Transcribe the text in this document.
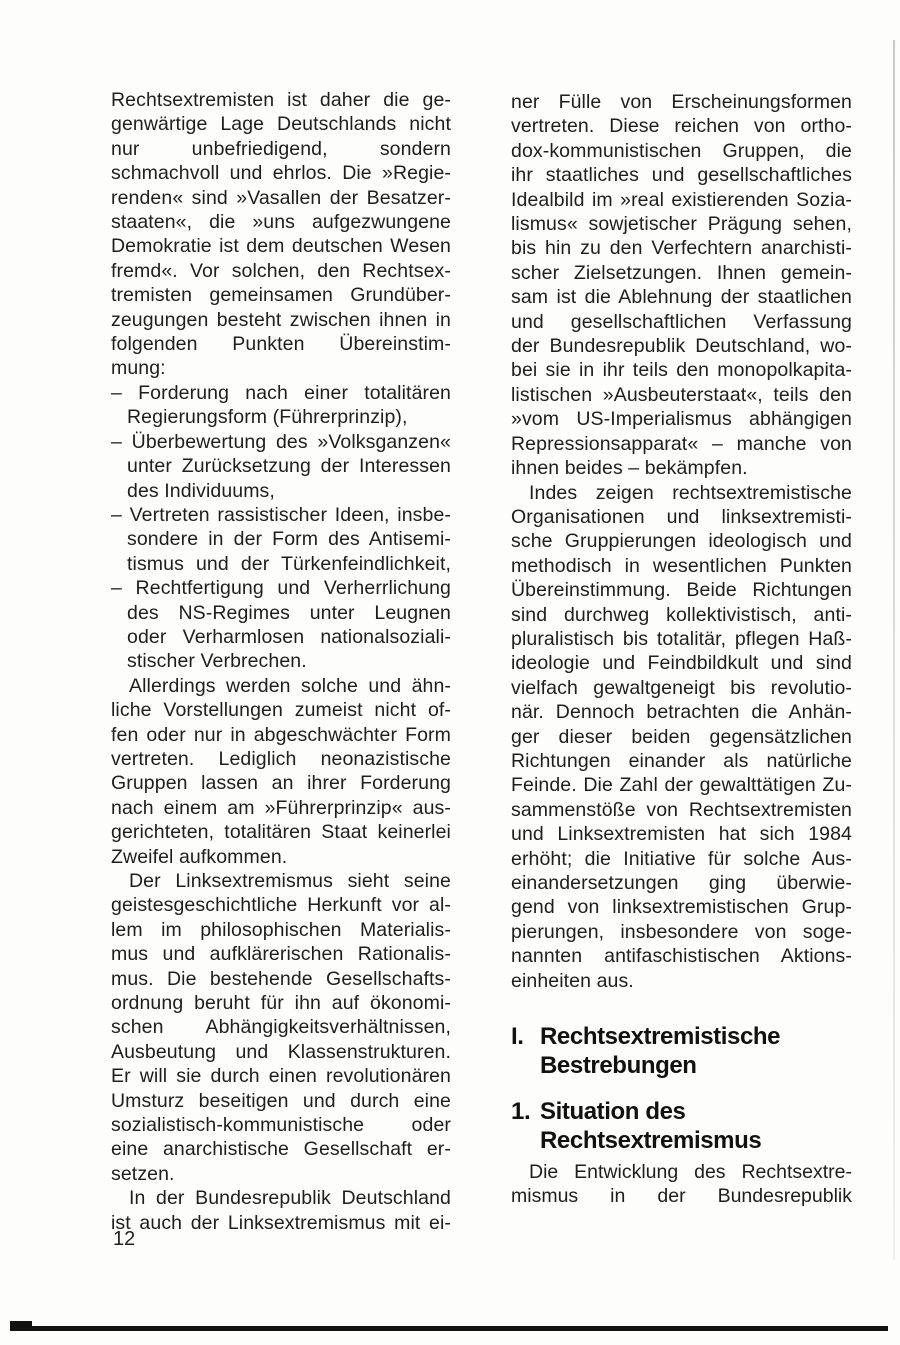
Rechtsextremisten ist daher die ge-
genwärtige Lage Deutschlands nicht
nur unbefriedigend, sondern
schmachvoll und ehrlos. Die »Regie-
renden« sind »Vasallen der Besatzer-
staaten«, die »uns aufgezwungene
Demokratie ist dem deutschen Wesen
fremd«. Vor solchen, den Rechtsex-
tremisten gemeinsamen Grundüber-
zeugungen besteht zwischen ihnen in
folgenden Punkten Übereinstim-
mung:
– Forderung nach einer totalitären
Regierungsform (Führerprinzip),
– Überbewertung des »Volksganzen«
unter Zurücksetzung der Interessen
des Individuums,
– Vertreten rassistischer Ideen, insbe-
sondere in der Form des Antisemi-
tismus und der Türkenfeindlichkeit,
– Rechtfertigung und Verherrlichung
des NS-Regimes unter Leugnen
oder Verharmlosen nationalsoziali-
stischer Verbrechen.
Allerdings werden solche und ähn-
liche Vorstellungen zumeist nicht of-
fen oder nur in abgeschwächter Form
vertreten. Lediglich neonazistische
Gruppen lassen an ihrer Forderung
nach einem am »Führerprinzip« aus-
gerichteten, totalitären Staat keinerlei
Zweifel aufkommen.
Der Linksextremismus sieht seine
geistesgeschichtliche Herkunft vor al-
lem im philosophischen Materialis-
mus und aufklärerischen Rationalis-
mus. Die bestehende Gesellschafts-
ordnung beruht für ihn auf ökonomi-
schen Abhängigkeitsverhältnissen,
Ausbeutung und Klassenstrukturen.
Er will sie durch einen revolutionären
Umsturz beseitigen und durch eine
sozialistisch-kommunistische oder
eine anarchistische Gesellschaft er-
setzen.
In der Bundesrepublik Deutschland
ist auch der Linksextremismus mit ei-
ner Fülle von Erscheinungsformen
vertreten. Diese reichen von ortho-
dox-kommunistischen Gruppen, die
ihr staatliches und gesellschaftliches
Idealbild im »real existierenden Sozia-
lismus« sowjetischer Prägung sehen,
bis hin zu den Verfechtern anarchisti-
scher Zielsetzungen. Ihnen gemein-
sam ist die Ablehnung der staatlichen
und gesellschaftlichen Verfassung
der Bundesrepublik Deutschland, wo-
bei sie in ihr teils den monopolkapita-
listischen »Ausbeuterstaat«, teils den
»vom US-Imperialismus abhängigen
Repressionsapparat« – manche von
ihnen beides – bekämpfen.
Indes zeigen rechtsextremistische
Organisationen und linksextremisti-
sche Gruppierungen ideologisch und
methodisch in wesentlichen Punkten
Übereinstimmung. Beide Richtungen
sind durchweg kollektivistisch, anti-
pluralistisch bis totalitär, pflegen Haß-
ideologie und Feindbildkult und sind
vielfach gewaltgeneigt bis revolutio-
när. Dennoch betrachten die Anhän-
ger dieser beiden gegensätzlichen
Richtungen einander als natürliche
Feinde. Die Zahl der gewalttätigen Zu-
sammenstöße von Rechtsextremisten
und Linksextremisten hat sich 1984
erhöht; die Initiative für solche Aus-
einandersetzungen ging überwie-
gend von linksextremistischen Grup-
pierungen, insbesondere von soge-
nannten antifaschistischen Aktions-
einheiten aus.
I. Rechtsextremistische
Bestrebungen
1. Situation des
Rechtsextremismus
Die Entwicklung des Rechtsextre-
mismus in der Bundesrepublik
12
